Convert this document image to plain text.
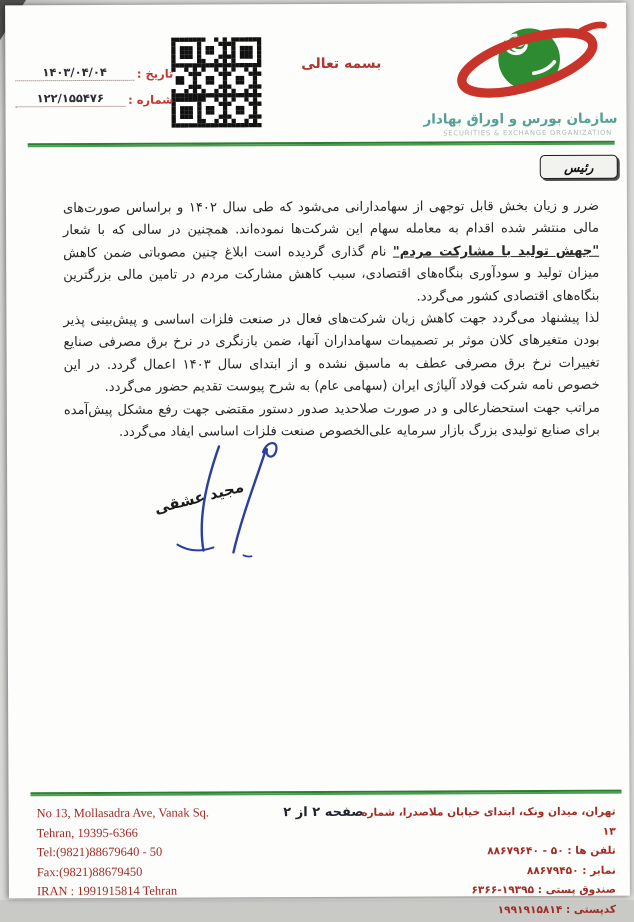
بسمه تعالی
سازمان بورس و اوراق بهادار
SECURITIES & EXCHANGE ORGANIZATION
تاریخ :
۱۴۰۳/۰۴/۰۴
شماره :
۱۲۲/۱۵۵۴۷۶
رئیس

ضرر و زیان بخش قابل توجهی از سهامدارانی می‌شود که طی سال ۱۴۰۲ و براساس صورت‌های مالی منتشر شده اقدام به معامله سهام این شرکت‌ها نموده‌اند. همچنین در سالی که با شعار "جهش تولید با مشارکت مردم" نام گذاری گردیده است ابلاغ چنین مصوباتی ضمن کاهش میزان تولید و سودآوری بنگاه‌های اقتصادی، سبب کاهش مشارکت مردم در تامین مالی بزرگترین بنگاه‌های اقتصادی کشور می‌گردد.

لذا پیشنهاد می‌گردد جهت کاهش زیان شرکت‌های فعال در صنعت فلزات اساسی و پیش‌بینی پذیر بودن متغیرهای کلان موثر بر تصمیمات سهامداران آنها، ضمن بازنگری در نرخ برق مصرفی صنایع تغییرات نرخ برق مصرفی عطف به ماسبق نشده و از ابتدای سال ۱۴۰۳ اعمال گردد. در این خصوص نامه شرکت فولاد آلیاژی ایران (سهامی عام) به شرح پیوست تقدیم حضور می‌گردد.

مراتب جهت استحضارعالی و در صورت صلاحدید صدور دستور مقتضی جهت رفع مشکل پیش‌آمده برای صنایع تولیدی بزرگ بازار سرمایه علی‌الخصوص صنعت فلزات اساسی ایفاد می‌گردد.

مجید عشقی
No 13, Mollasadra Ave, Vanak Sq.
Tehran, 19395-6366
Tel:(9821)88679640 - 50
Fax:(9821)88679450
IRAN : 1991915814 Tehran
صفحه ۲ از ۲
تهران، میدان ونک، ابتدای خیابان ملاصدرا، شماره ۱۳
تلفن ها : ۵۰ - ۸۸۶۷۹۶۴۰
نمابر : ۸۸۶۷۹۴۵۰
صندوق پستی : ۱۹۳۹۵-۶۳۶۶
کدپستی : ۱۹۹۱۹۱۵۸۱۴
